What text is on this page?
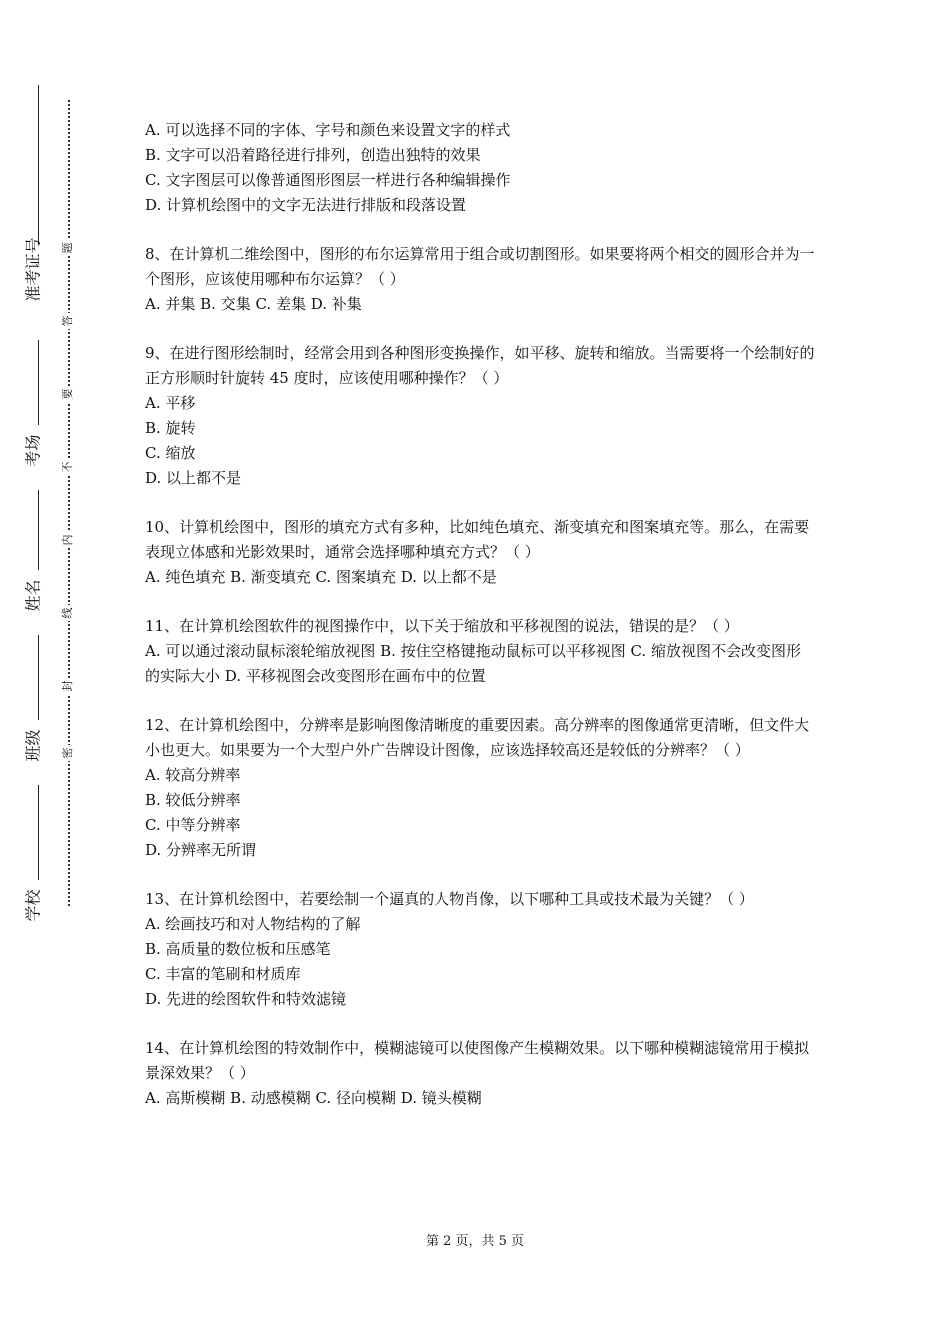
准考证号
考场
姓名
班级
学校
题
答
要
不
内
线
封
密
A. 可以选择不同的字体、字号和颜色来设置文字的样式
B. 文字可以沿着路径进行排列，创造出独特的效果
C. 文字图层可以像普通图形图层一样进行各种编辑操作
D. 计算机绘图中的文字无法进行排版和段落设置

8、在计算机二维绘图中，图形的布尔运算常用于组合或切割图形。如果要将两个相交的圆形合并为一个图形，应该使用哪种布尔运算？（ ）

A. 并集 B. 交集 C. 差集 D. 补集

9、在进行图形绘制时，经常会用到各种图形变换操作，如平移、旋转和缩放。当需要将一个绘制好的正方形顺时针旋转 45 度时，应该使用哪种操作？（ ）

A. 平移
B. 旋转
C. 缩放
D. 以上都不是

10、计算机绘图中，图形的填充方式有多种，比如纯色填充、渐变填充和图案填充等。那么，在需要表现立体感和光影效果时，通常会选择哪种填充方式？（ ）

A. 纯色填充 B. 渐变填充 C. 图案填充 D. 以上都不是

11、在计算机绘图软件的视图操作中，以下关于缩放和平移视图的说法，错误的是？（ ）

A. 可以通过滚动鼠标滚轮缩放视图 B. 按住空格键拖动鼠标可以平移视图 C. 缩放视图不会改变图形的实际大小 D. 平移视图会改变图形在画布中的位置

12、在计算机绘图中，分辨率是影响图像清晰度的重要因素。高分辨率的图像通常更清晰，但文件大小也更大。如果要为一个大型户外广告牌设计图像，应该选择较高还是较低的分辨率？（ ）

A. 较高分辨率
B. 较低分辨率
C. 中等分辨率
D. 分辨率无所谓

13、在计算机绘图中，若要绘制一个逼真的人物肖像，以下哪种工具或技术最为关键？（ ）

A. 绘画技巧和对人物结构的了解
B. 高质量的数位板和压感笔
C. 丰富的笔刷和材质库
D. 先进的绘图软件和特效滤镜

14、在计算机绘图的特效制作中，模糊滤镜可以使图像产生模糊效果。以下哪种模糊滤镜常用于模拟景深效果？（ ）

A. 高斯模糊 B. 动感模糊 C. 径向模糊 D. 镜头模糊
第 2 页，共 5 页
